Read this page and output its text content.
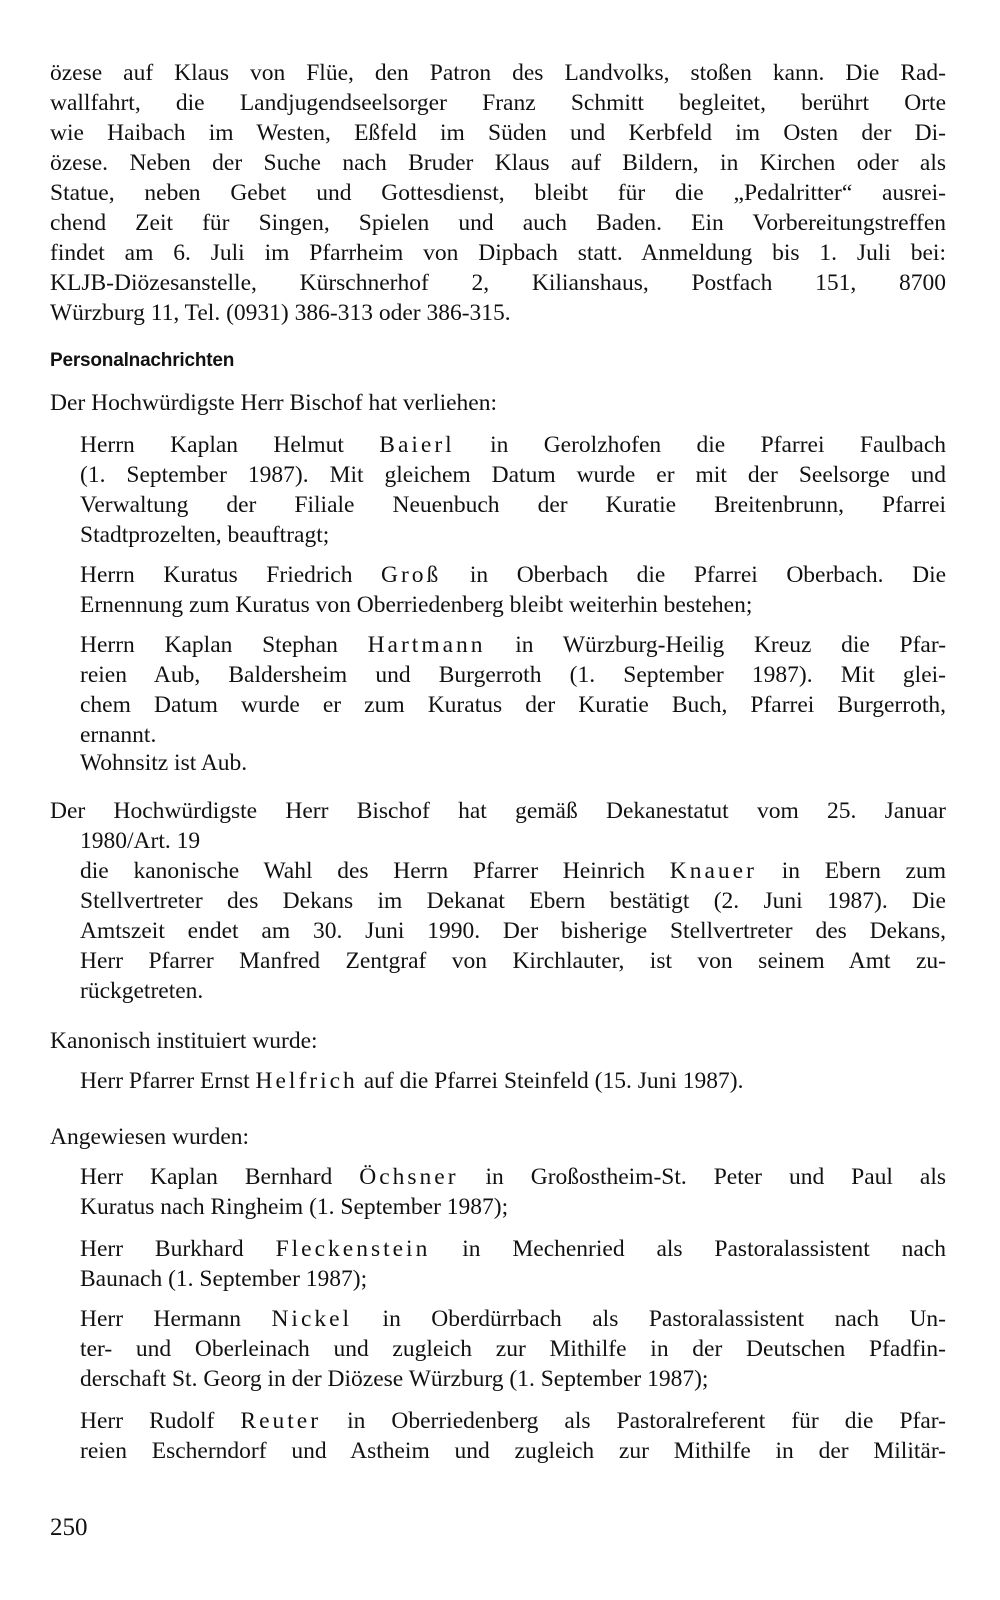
özese auf Klaus von Flüe, den Patron des Landvolks, stoßen kann. Die Rad-
wallfahrt, die Landjugendseelsorger Franz Schmitt begleitet, berührt Orte
wie Haibach im Westen, Eßfeld im Süden und Kerbfeld im Osten der Di-
özese. Neben der Suche nach Bruder Klaus auf Bildern, in Kirchen oder als
Statue, neben Gebet und Gottesdienst, bleibt für die „Pedalritter“ ausrei-
chend Zeit für Singen, Spielen und auch Baden. Ein Vorbereitungstreffen
findet am 6. Juli im Pfarrheim von Dipbach statt. Anmeldung bis 1. Juli bei:
KLJB-Diözesanstelle, Kürschnerhof 2, Kilianshaus, Postfach 151, 8700
Würzburg 11, Tel. (0931) 386-313 oder 386-315.
Personalnachrichten
Der Hochwürdigste Herr Bischof hat verliehen:
Herrn Kaplan Helmut Baierl in Gerolzhofen die Pfarrei Faulbach
(1. September 1987). Mit gleichem Datum wurde er mit der Seelsorge und
Verwaltung der Filiale Neuenbuch der Kuratie Breitenbrunn, Pfarrei
Stadtprozelten, beauftragt;
Herrn Kuratus Friedrich Groß in Oberbach die Pfarrei Oberbach. Die
Ernennung zum Kuratus von Oberriedenberg bleibt weiterhin bestehen;
Herrn Kaplan Stephan Hartmann in Würzburg-Heilig Kreuz die Pfar-
reien Aub, Baldersheim und Burgerroth (1. September 1987). Mit glei-
chem Datum wurde er zum Kuratus der Kuratie Buch, Pfarrei Burgerroth,
ernannt.
Wohnsitz ist Aub.
Der Hochwürdigste Herr Bischof hat gemäß Dekanestatut vom 25. Januar
1980/Art. 19
die kanonische Wahl des Herrn Pfarrer Heinrich Knauer in Ebern zum
Stellvertreter des Dekans im Dekanat Ebern bestätigt (2. Juni 1987). Die
Amtszeit endet am 30. Juni 1990. Der bisherige Stellvertreter des Dekans,
Herr Pfarrer Manfred Zentgraf von Kirchlauter, ist von seinem Amt zu-
rückgetreten.
Kanonisch instituiert wurde:
Herr Pfarrer Ernst Helfrich auf die Pfarrei Steinfeld (15. Juni 1987).
Angewiesen wurden:
Herr Kaplan Bernhard Öchsner in Großostheim-St. Peter und Paul als
Kuratus nach Ringheim (1. September 1987);
Herr Burkhard Fleckenstein in Mechenried als Pastoralassistent nach
Baunach (1. September 1987);
Herr Hermann Nickel in Oberdürrbach als Pastoralassistent nach Un-
ter- und Oberleinach und zugleich zur Mithilfe in der Deutschen Pfadfin-
derschaft St. Georg in der Diözese Würzburg (1. September 1987);
Herr Rudolf Reuter in Oberriedenberg als Pastoralreferent für die Pfar-
reien Escherndorf und Astheim und zugleich zur Mithilfe in der Militär-
250
